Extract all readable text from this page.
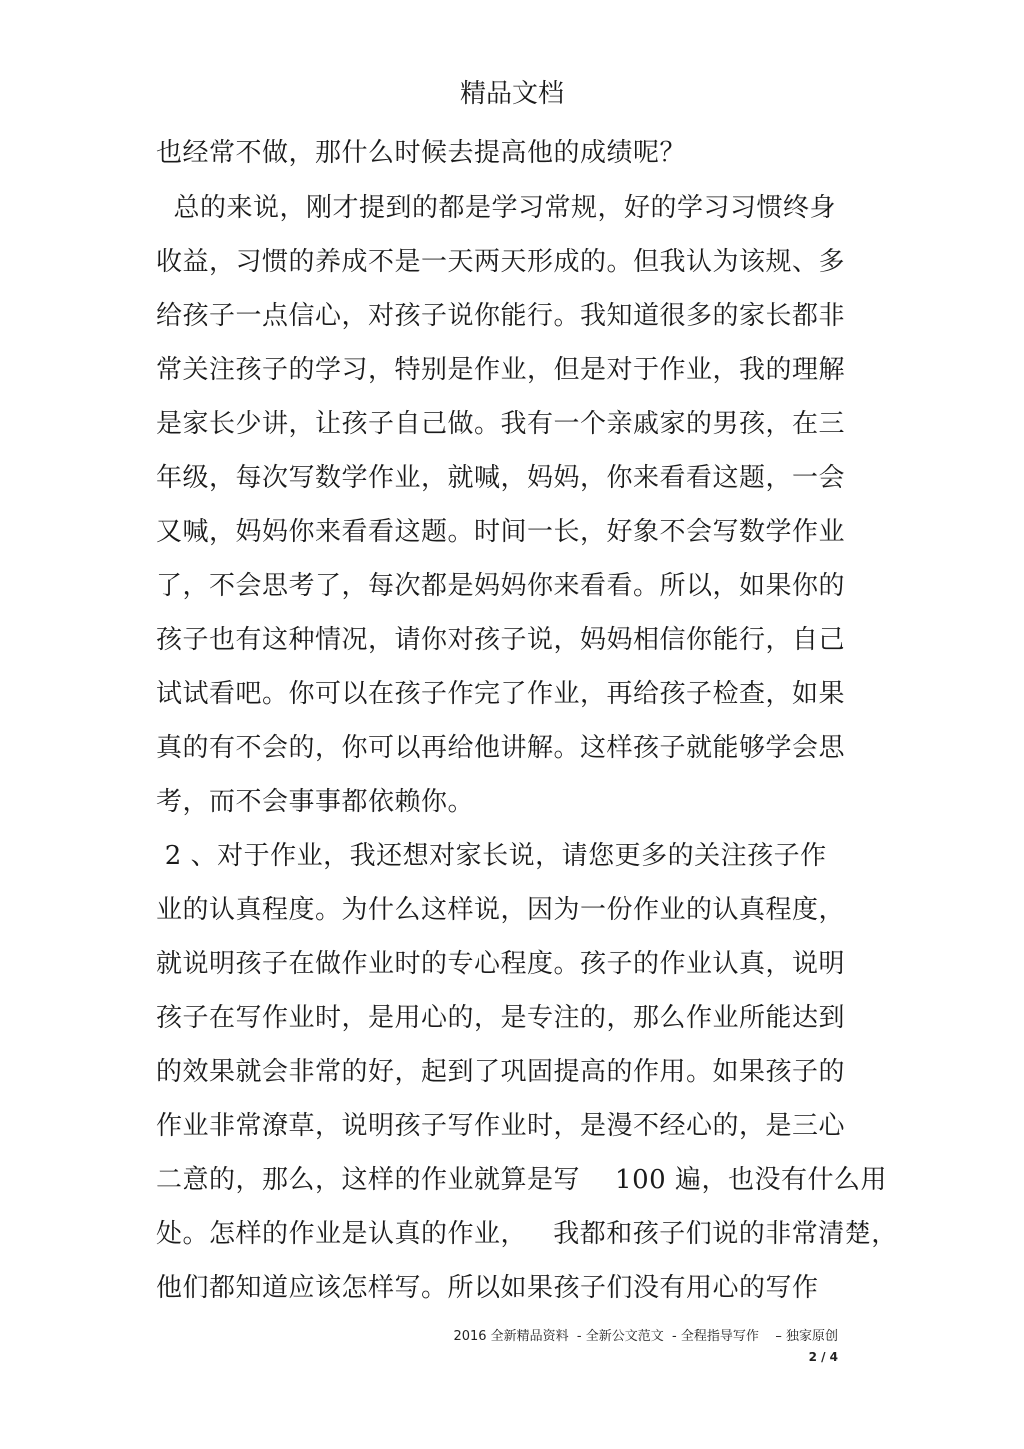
精品文档
也经常不做，那什么时候去提高他的成绩呢？
总的来说，刚才提到的都是学习常规，好的学习习惯终身
收益，习惯的养成不是一天两天形成的。但我认为该规、多
给孩子一点信心，对孩子说你能行。我知道很多的家长都非
常关注孩子的学习，特别是作业，但是对于作业，我的理解
是家长少讲，让孩子自己做。我有一个亲戚家的男孩，在三
年级，每次写数学作业，就喊，妈妈，你来看看这题，一会
又喊，妈妈你来看看这题。时间一长，好象不会写数学作业
了，不会思考了，每次都是妈妈你来看看。所以，如果你的
孩子也有这种情况，请你对孩子说，妈妈相信你能行，自己
试试看吧。你可以在孩子作完了作业，再给孩子检查，如果
真的有不会的，你可以再给他讲解。这样孩子就能够学会思
考，而不会事事都依赖你。
2 、对于作业，我还想对家长说，请您更多的关注孩子作
业的认真程度。为什么这样说，因为一份作业的认真程度，
就说明孩子在做作业时的专心程度。孩子的作业认真，说明
孩子在写作业时，是用心的，是专注的，那么作业所能达到
的效果就会非常的好，起到了巩固提高的作用。如果孩子的
作业非常潦草，说明孩子写作业时，是漫不经心的，是三心
二意的，那么，这样的作业就算是写    100 遍，也没有什么用
处。怎样的作业是认真的作业，   我都和孩子们说的非常清楚，
他们都知道应该怎样写。所以如果孩子们没有用心的写作
2016 全新精品资料  - 全新公文范文  - 全程指导写作    – 独家原创
2 / 4
